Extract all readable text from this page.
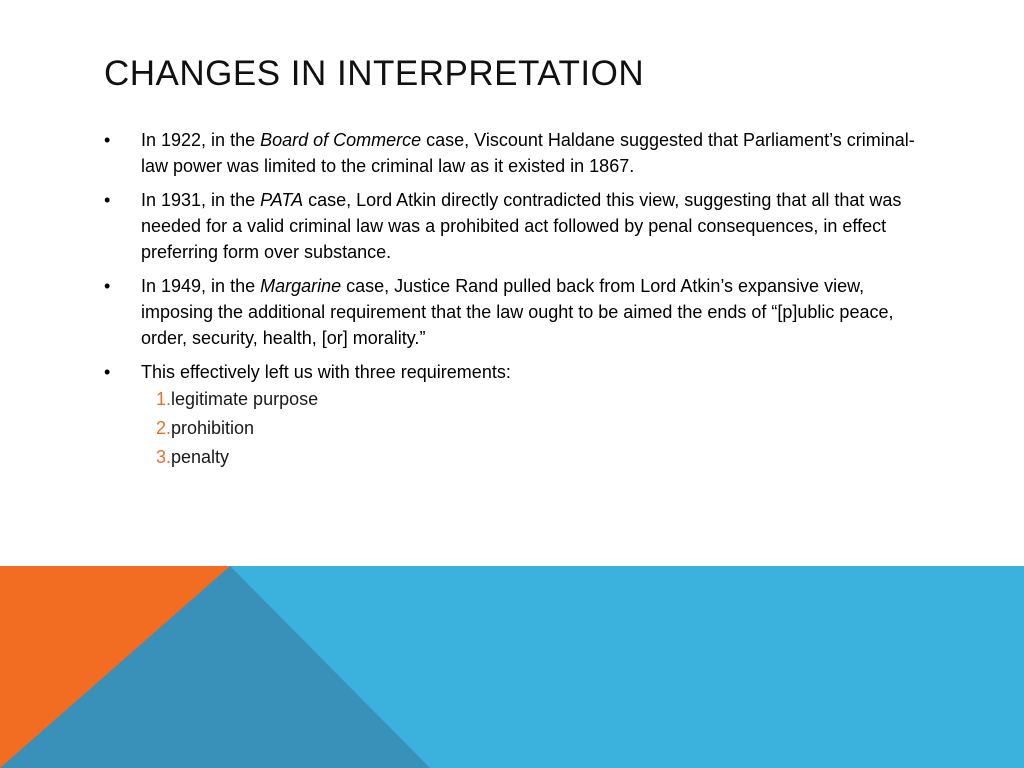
CHANGES IN INTERPRETATION
• In 1922, in the Board of Commerce case, Viscount Haldane suggested that Parliament’s criminal-law power was limited to the criminal law as it existed in 1867.
• In 1931, in the PATA case, Lord Atkin directly contradicted this view, suggesting that all that was needed for a valid criminal law was a prohibited act followed by penal consequences, in effect preferring form over substance.
• In 1949, in the Margarine case, Justice Rand pulled back from Lord Atkin’s expansive view, imposing the additional requirement that the law ought to be aimed the ends of “[p]ublic peace, order, security, health, [or] morality.”
• This effectively left us with three requirements:
1.legitimate purpose
2.prohibition
3.penalty
